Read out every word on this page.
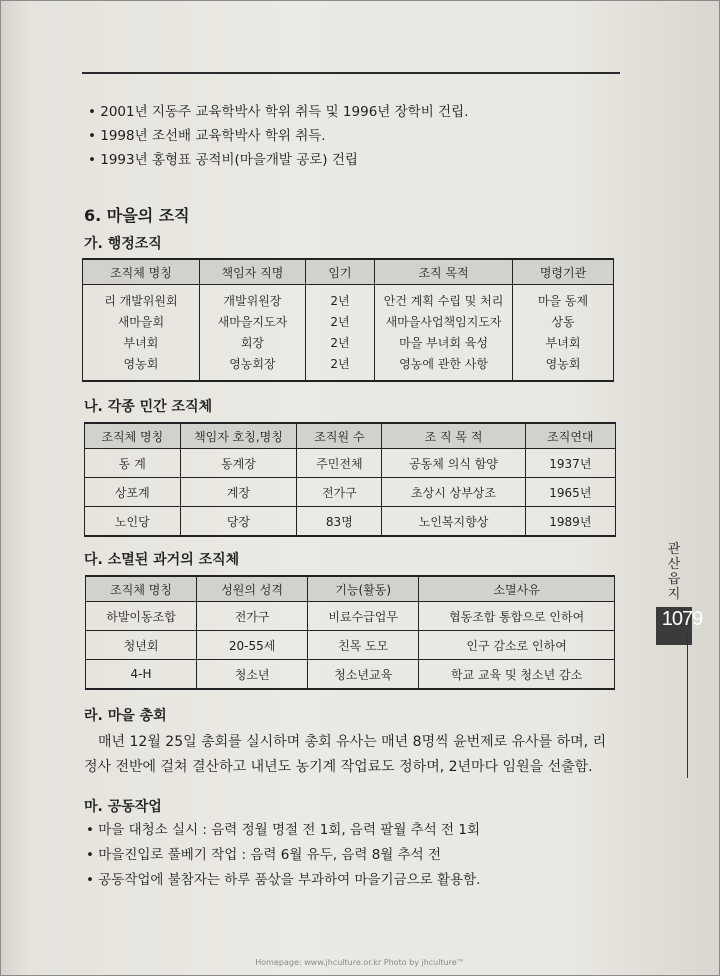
• 2001년 지동주 교육학박사 학위 취득 및 1996년 장학비 건립.
• 1998년 조선배 교육학박사 학위 취득.
• 1993년 홍형표 공적비(마을개발 공로) 건립
6. 마을의 조직
가. 행정조직
조직체 명칭	책임자 직명	임기	조직 목적	명령기관
리 개발위원회	개발위원장	2년	안건 계획 수립 및 처리	마을 동제
새마을회	새마을지도자	2년	새마을사업책임지도자	상동
부녀회	회장	2년	마을 부녀회 육성	부녀회
영농회	영농회장	2년	영농에 관한 사항	영농회
나. 각종 민간 조직체
조직체 명칭	책임자 호칭,명칭	조직원 수	조 직 목 적	조직연대
동 계	동계장	주민전체	공동체 의식 함양	1937년
상포계	계장	전가구	초상시 상부상조	1965년
노인당	당장	83명	노인복지향상	1989년
다. 소멸된 과거의 조직체
조직체 명칭	성원의 성격	기능(활동)	소멸사유
하발이동조합	전가구	비료수급업무	협동조합 통합으로 인하여
청년회	20-55세	친목 도모	인구 감소로 인하여
4-H	청소년	청소년교육	학교 교육 및 청소년 감소
라. 마을 총회
매년 12월 25일 총회를 실시하며 총회 유사는 매년 8명씩 윤번제로 유사를 하며, 리
정사 전반에 걸쳐 결산하고 내년도 농기계 작업료도 정하며, 2년마다 임원을 선출함.
마. 공동작업
• 마을 대청소 실시 : 음력 정월 명절 전 1회, 음력 팔월 추석 전 1회
• 마을진입로 풀베기 작업 : 음력 6월 유두, 음력 8월 추석 전
• 공동작업에 불참자는 하루 품삯을 부과하여 마을기금으로 활용함.
관
산
읍
지
1079
Homepage: www.jhculture.or.kr Photo by jhculture™
